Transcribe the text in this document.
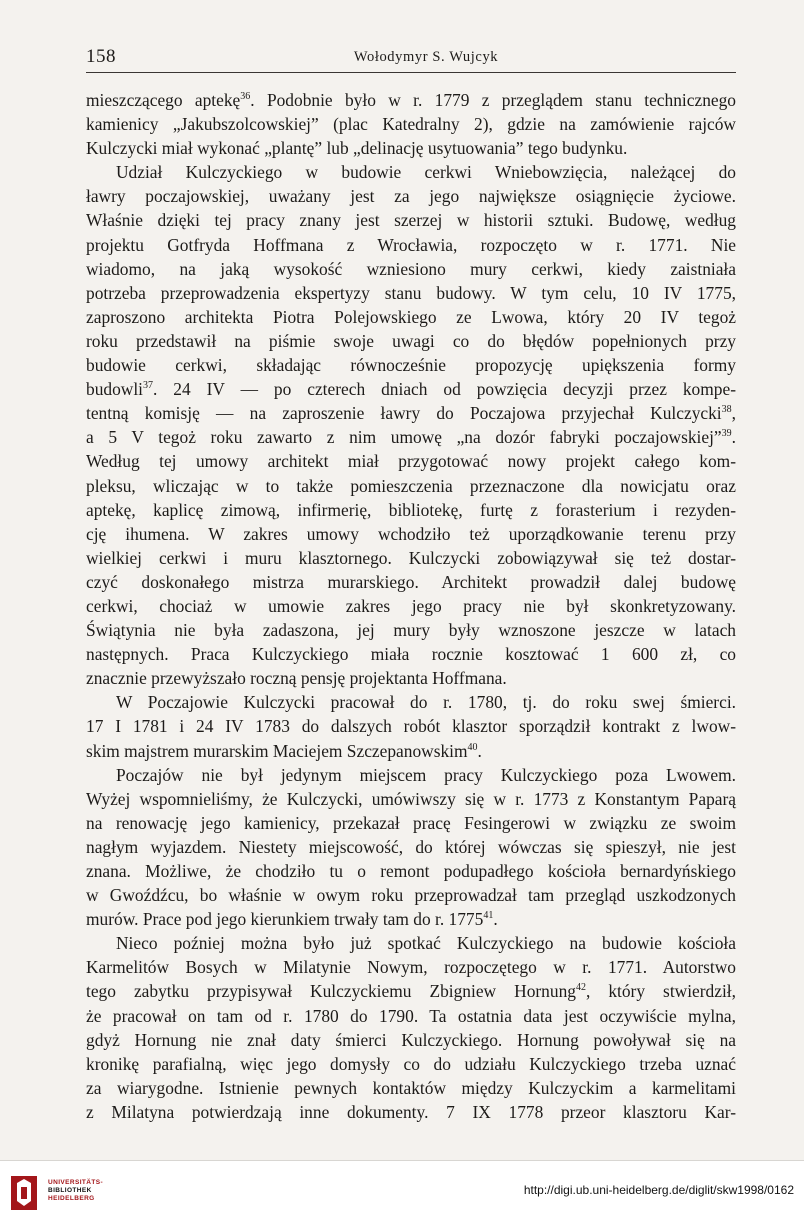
158	Wołodymyr S. Wujcyk
mieszczącego aptekę$^{36}$. Podobnie było w r. 1779 z przeglądem stanu technicznego
kamienicy „Jakubszolcowskiej” (plac Katedralny 2), gdzie na zamówienie rajców
Kulczycki miał wykonać „plantę” lub „delinację usytuowania” tego budynku.
Udział Kulczyckiego w budowie cerkwi Wniebowzięcia, należącej do
ławry poczajowskiej, uważany jest za jego największe osiągnięcie życiowe.
Właśnie dzięki tej pracy znany jest szerzej w historii sztuki. Budowę, według
projektu Gotfryda Hoffmana z Wrocławia, rozpoczęto w r. 1771. Nie
wiadomo, na jaką wysokość wzniesiono mury cerkwi, kiedy zaistniała
potrzeba przeprowadzenia ekspertyzy stanu budowy. W tym celu, 10 IV 1775,
zaproszono architekta Piotra Polejowskiego ze Lwowa, który 20 IV tegoż
roku przedstawił na piśmie swoje uwagi co do błędów popełnionych przy
budowie cerkwi, składając równocześnie propozycję upiększenia formy
budowli$^{37}$. 24 IV — po czterech dniach od powzięcia decyzji przez kompe-
tentną komisję — na zaproszenie ławry do Poczajowa przyjechał Kulczycki$^{38}$,
a 5 V tegoż roku zawarto z nim umowę „na dozór fabryki poczajowskiej”$^{39}$.
Według tej umowy architekt miał przygotować nowy projekt całego kom-
pleksu, wliczając w to także pomieszczenia przeznaczone dla nowicjatu oraz
aptekę, kaplicę zimową, infirmerię, bibliotekę, furtę z forasterium i rezyden-
cję ihumena. W zakres umowy wchodziło też uporządkowanie terenu przy
wielkiej cerkwi i muru klasztornego. Kulczycki zobowiązywał się też dostar-
czyć doskonałego mistrza murarskiego. Architekt prowadził dalej budowę
cerkwi, chociaż w umowie zakres jego pracy nie był skonkretyzowany.
Świątynia nie była zadaszona, jej mury były wznoszone jeszcze w latach
następnych. Praca Kulczyckiego miała rocznie kosztować 1 600 zł, co
znacznie przewyższało roczną pensję projektanta Hoffmana.
W Poczajowie Kulczycki pracował do r. 1780, tj. do roku swej śmierci.
17 I 1781 i 24 IV 1783 do dalszych robót klasztor sporządził kontrakt z lwow-
skim majstrem murarskim Maciejem Szczepanowskim$^{40}$.
Poczajów nie był jedynym miejscem pracy Kulczyckiego poza Lwowem.
Wyżej wspomnieliśmy, że Kulczycki, umówiwszy się w r. 1773 z Konstantym Paparą
na renowację jego kamienicy, przekazał pracę Fesingerowi w związku ze swoim
nagłym wyjazdem. Niestety miejscowość, do której wówczas się spieszył, nie jest
znana. Możliwe, że chodziło tu o remont podupadłego kościoła bernardyńskiego
w Gwoźdźcu, bo właśnie w owym roku przeprowadzał tam przegląd uszkodzonych
murów. Prace pod jego kierunkiem trwały tam do r. 1775$^{41}$.
Nieco poźniej można było już spotkać Kulczyckiego na budowie kościoła
Karmelitów Bosych w Milatynie Nowym, rozpoczętego w r. 1771. Autorstwo
tego zabytku przypisywał Kulczyckiemu Zbigniew Hornung$^{42}$, który stwierdził,
że pracował on tam od r. 1780 do 1790. Ta ostatnia data jest oczywiście mylna,
gdyż Hornung nie znał daty śmierci Kulczyckiego. Hornung powoływał się na
kronikę parafialną, więc jego domysły co do udziału Kulczyckiego trzeba uznać
za wiarygodne. Istnienie pewnych kontaktów między Kulczyckim a karmelitami
z Milatyna potwierdzają inne dokumenty. 7 IX 1778 przeor klasztoru Kar-
UNIVERSITÄTS-
BIBLIOTHEK
HEIDELBERG
http://digi.ub.uni-heidelberg.de/diglit/skw1998/0162
